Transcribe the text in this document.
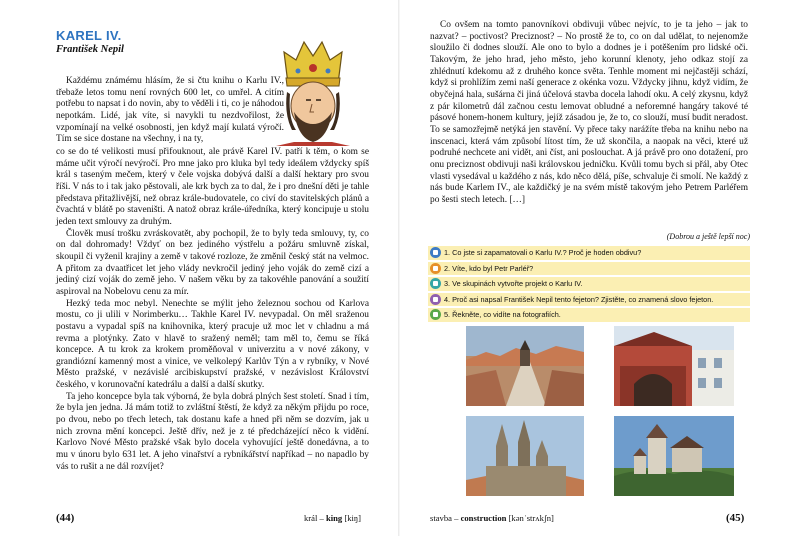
KAREL IV.
František Nepil
Každému známému hlásím, že si čtu knihu o Karlu IV., třebaže letos tomu není rovných 600 let, co umřel. A citím potřebu to napsat i do novin, aby to věděli i ti, co je náhodou nepotkám. Lidé, jak víte, si navykli tu nezdvořilost, že vzpomínají na velké osobnosti, jen když mají kulatá výročí. Tím se sice dostane na všechny, i na ty,

co se do té velikosti musí přifouknout, ale právě Karel IV. patří k těm, o kom se máme učit výročí nevýročí. Pro mne jako pro kluka byl tedy ideálem vždycky spíš král s taseným mečem, který v čele vojska dobývá další a další hektary pro svou říši. V nás to i tak jako pěstovali, ale krk bych za to dal, že i pro dnešní děti je tahle představa přitažlivější, než obraz krále-budovatele, co civí do stavitelských plánů a čvachtá v blátě po staveništi. A natož obraz krále-úředníka, který koncipuje u stolu jeden text smlouvy za druhým.

Člověk musí trošku zvráskovatět, aby pochopil, že to byly teda smlouvy, ty, co on dal dohromady! Vždyť on bez jediného výstřelu a požáru smluvně získal, skoupil či vyženil krajiny a země v takové rozloze, že změnil český stát na velmoc. A přitom za dvaatřicet let jeho vlády nevkročil jediný jeho voják do země cizí a jediný cizí voják do země jeho. V našem věku by za takovéhle panování a soužití aspiroval na Nobelovu cenu za mír.

Hezký teda moc nebyl. Nenechte se mýlit jeho železnou sochou od Karlova mostu, co ji ulili v Norimberku… Takhle Karel IV. nevypadal. On měl sraženou postavu a vypadal spíš na knihovnika, který pracuje už moc let v chladnu a má revma a plotýnky. Zato v hlavě to sražený neměl; tam měl to, čemu se říká koncepce. A tu krok za krokem proměňoval v univerzitu a v nové zákony, v grandiózní kamenný most a vinice, ve velkolepý Karlův Týn a v rybníky, v Nové Město pražské, v nezávislé arcibiskupství pražské, v nezávislost Království českého, v korunovační katedrálu a další a další skutky.

Ta jeho koncepce byla tak výborná, že byla dobrá plných šest století. Snad i tím, že byla jen jedna. Já mám totiž to zvláštní štěstí, že když za někým přijdu po roce, po dvou, nebo po třech letech, tak dostanu kafe a hned při něm se dozvím, jak u nich zrovna mění koncepci. Ještě dřív, než je z té předcházející něco k vidění. Karlovo Nové Město pražské však bylo docela vyhovující ještě donedávna, a to mu v únoru bylo 631 let. A jeho vinařství a rybníkářství napříkad – no napadlo by vás to rušit a ne dál rozvíjet?

(44)	král – king [kiŋ]
Co ovšem na tomto panovníkovi obdivuji vůbec nejvíc, to je ta jeho – jak to nazvat? – poctivost? Preciznost? – No prostě že to, co on dal udělat, to nejenomže sloužilo či dodnes slouží. Ale ono to bylo a dodnes je i potěšením pro lidské oči. Takovým, že jeho hrad, jeho město, jeho korunní klenoty, jeho odkaz stojí za zhlédnutí kdekomu až z druhého konce světa. Tenhle moment mi nejčastěji schází, když si prohlížím zemi naší generace z okénka vozu. Vždycky jihnu, když vidím, že obyčejná hala, sušárna či jiná účelová stavba docela lahodí oku. A celý zkysnu, když z pár kilometrů dál začnou cestu lemovat obludné a neforemné hangáry takové té pásové honem-honem kultury, jejíž zásadou je, že to, co slouží, musí budit neradost. To se samozřejmě netýká jen stavění. Vy přece taky narážíte třeba na knihu nebo na inscenaci, která vám způsobí lítost tím, že už skončila, a naopak na věci, které už podruhé nechcete ani vidět, ani číst, ani poslouchat. A já právě pro ono dotažení, pro onu preciznost obdivuji naši královskou jedničku. Kvůli tomu bych si přál, aby Otec vlasti vysedával u každého z nás, kdo něco dělá, píše, schvaluje či smolí. Ne každý z nás bude Karlem IV., ale každičký je na svém místě takovým jeho Petrem Parléřem po šesti stech letech. […]
(Dobrou a ještě lepší noc)
1. Co jste si zapamatovali o Karlu IV.? Proč je hoden obdivu?
2. Víte, kdo byl Petr Parléř?
3. Ve skupinách vytvořte projekt o Karlu IV.
4. Proč asi napsal František Nepil tento fejeton? Zjistěte, co znamená slovo fejeton.
5. Řekněte, co vidíte na fotografiích.
stavba – construction [kənˈstrʌkʃn]	(45)
